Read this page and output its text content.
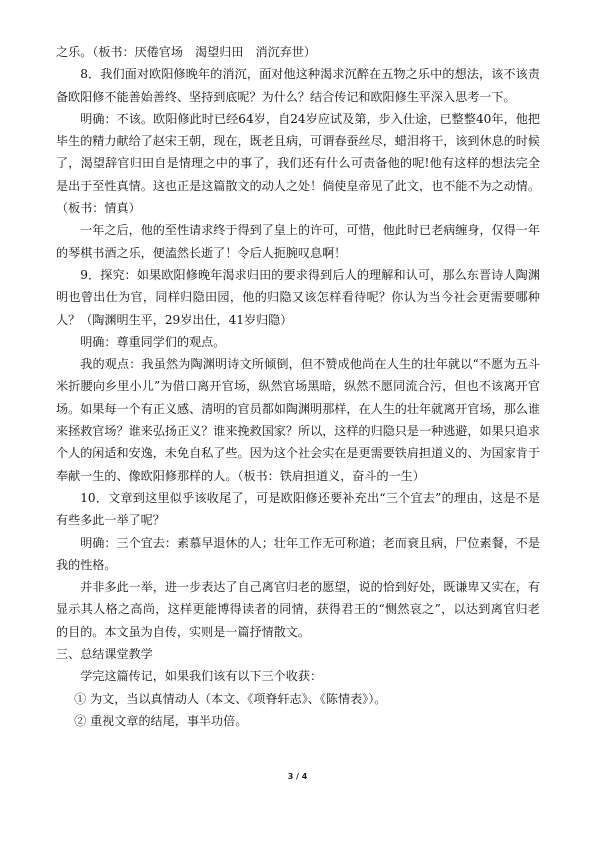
之乐。（板书：厌倦官场　渴望归田　消沉弃世）

8．我们面对欧阳修晚年的消沉，面对他这种渴求沉醉在五物之乐中的想法，该不该责备欧阳修不能善始善终、坚持到底呢？为什么？结合传记和欧阳修生平深入思考一下。

明确：不该。欧阳修此时已经64岁，自24岁应试及第，步入仕途，已整整40年，他把毕生的精力献给了赵宋王朝，现在，既老且病，可谓春蚕丝尽，蜡泪将干，该到休息的时候了，渴望辞官归田自是情理之中的事了，我们还有什么可责备他的呢!他有这样的想法完全是出于至性真情。这也正是这篇散文的动人之处！倘使皇帝见了此文，也不能不为之动情。（板书：情真）

一年之后，他的至性请求终于得到了皇上的许可，可惜，他此时已老病缠身，仅得一年的琴棋书酒之乐，便溘然长逝了！令后人扼腕叹息啊！

9．探究：如果欧阳修晚年渴求归田的要求得到后人的理解和认可，那么东晋诗人陶渊明也曾出仕为官，同样归隐田园，他的归隐又该怎样看待呢？你认为当今社会更需要哪种人？（陶渊明生平，29岁出仕，41岁归隐）

明确：尊重同学们的观点。

我的观点：我虽然为陶渊明诗文所倾倒，但不赞成他尚在人生的壮年就以“不愿为五斗米折腰向乡里小儿”为借口离开官场，纵然官场黑暗，纵然不愿同流合污，但也不该离开官场。如果每一个有正义感、清明的官员都如陶渊明那样，在人生的壮年就离开官场，那么谁来拯救官场？谁来弘扬正义？谁来挽救国家？所以，这样的归隐只是一种逃避，如果只追求个人的闲适和安逸，未免自私了些。因为这个社会实在是更需要铁肩担道义的、为国家肯于奉献一生的、像欧阳修那样的人。（板书：铁肩担道义，奋斗的一生）

10．文章到这里似乎该收尾了，可是欧阳修还要补充出“三个宜去”的理由，这是不是有些多此一举了呢？

明确：三个宜去：素慕早退休的人；壮年工作无可称道；老而衰且病，尸位素餐，不是我的性格。

并非多此一举，进一步表达了自己离官归老的愿望，说的恰到好处，既谦卑又实在，有显示其人格之高尚，这样更能博得读者的同情，获得君王的“恻然哀之”，以达到离官归老的目的。本文虽为自传，实则是一篇抒情散文。

三、总结课堂教学

学完这篇传记，如果我们该有以下三个收获：

① 为文，当以真情动人（本文、《项脊轩志》、《陈情表》）。

② 重视文章的结尾，事半功倍。

3 / 4
